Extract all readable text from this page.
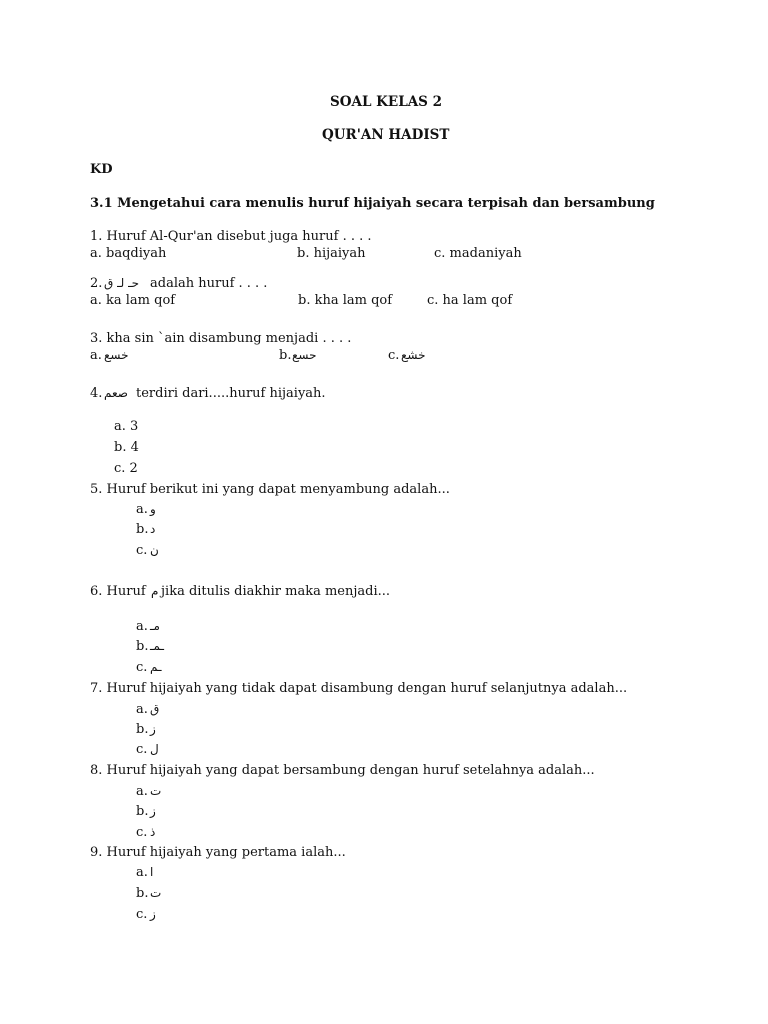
SOAL KELAS 2
QUR'AN HADIST
KD
3.1 Mengetahui cara menulis huruf hijaiyah secara terpisah dan bersambung
1. Huruf Al-Qur'an disebut juga huruf . . . .
a. baqdiyah	b. hijaiyah	c. madaniyah
2. حـ لـ ق adalah huruf . . . .
a. ka lam qof	b. kha lam qof	c. ha lam qof
3. kha sin `ain disambung menjadi . . . .
a. خسع	b. حسع	c. خشع
4. صعم terdiri dari.....huruf hijaiyah.
a. 3
b. 4
c. 2
5. Huruf berikut ini yang dapat menyambung adalah...
a. و
b. د
c. ن
6. Huruf م jika ditulis diakhir maka menjadi...
a. مـ
b. ـمـ
c. ـم
7. Huruf hijaiyah yang tidak dapat disambung dengan huruf selanjutnya adalah...
a. ق
b. ز
c. ل
8. Huruf hijaiyah yang dapat bersambung dengan huruf setelahnya adalah...
a. ت
b. ز
c. ذ
9. Huruf hijaiyah yang pertama ialah...
a. ا
b. ت
c. ز
